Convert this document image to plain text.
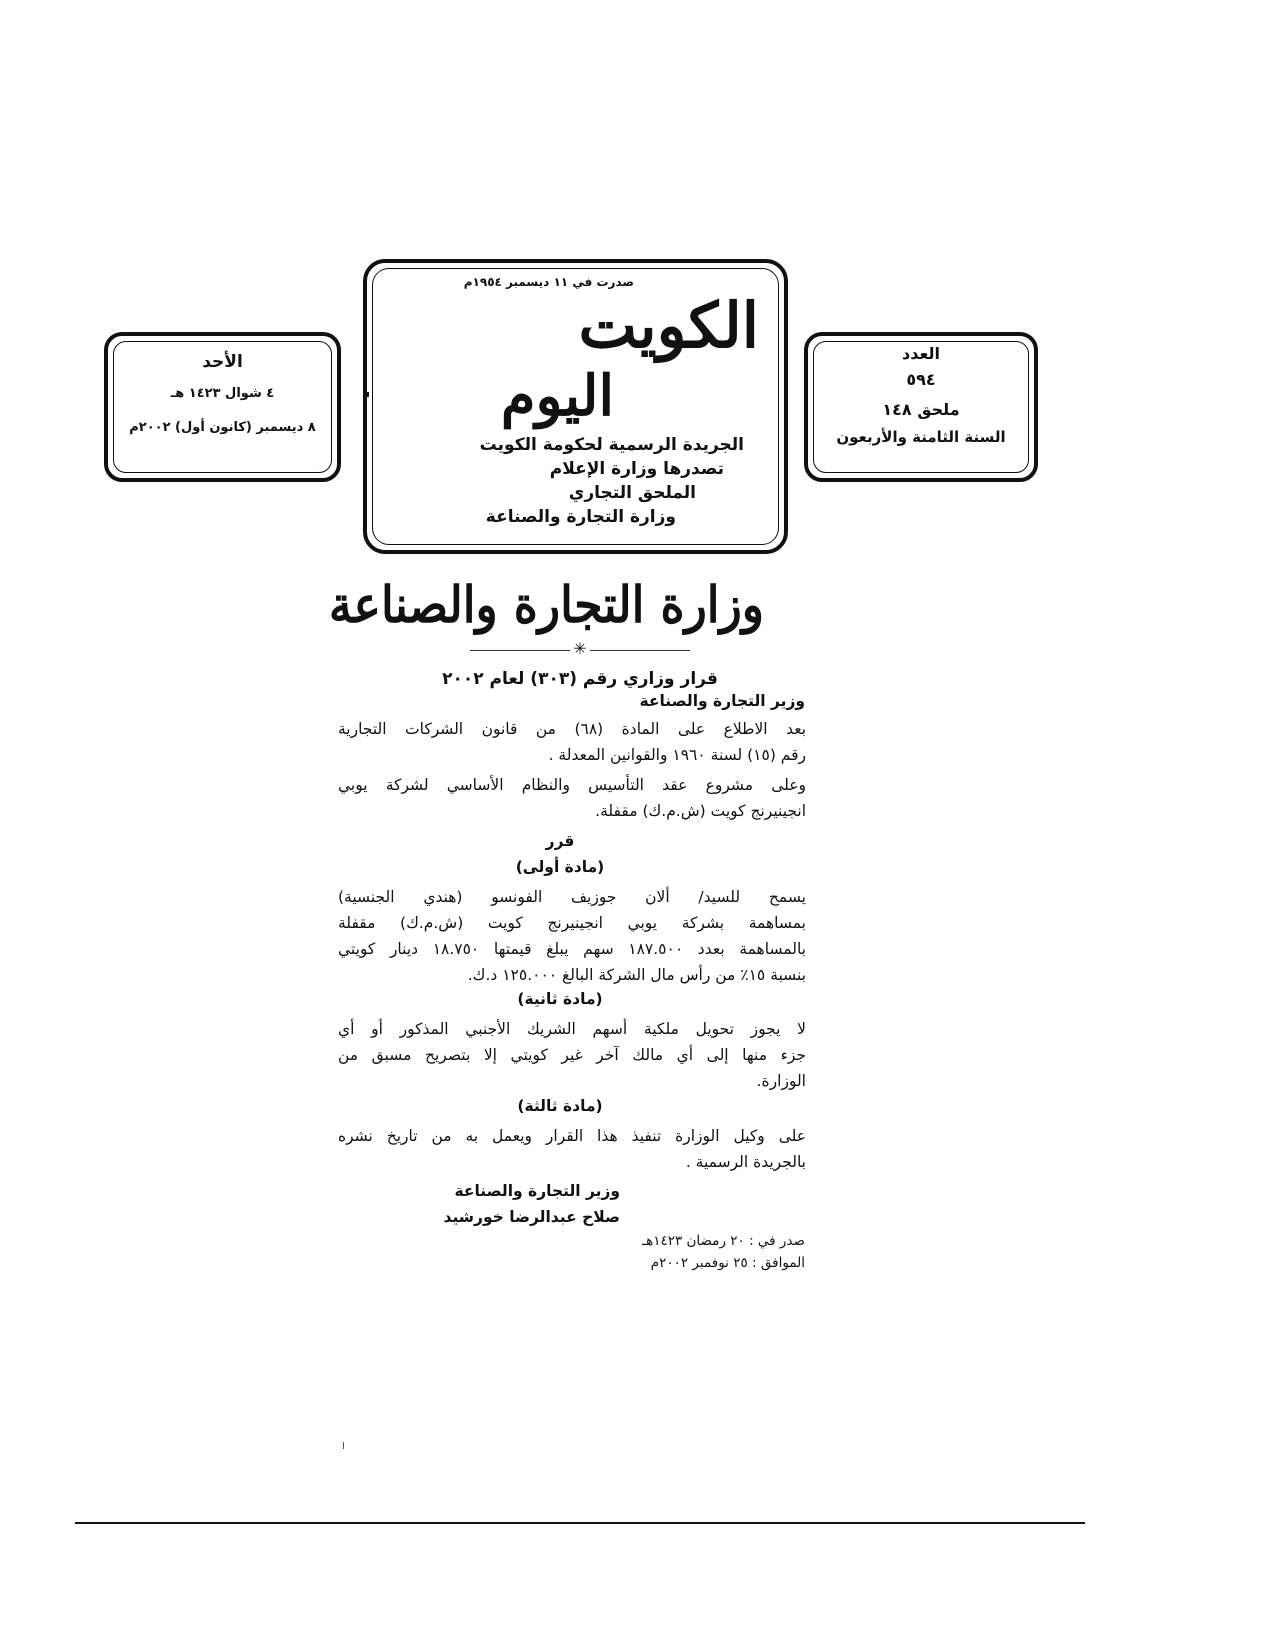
الأحد
٤ شوال ١٤٢٣ هـ
٨ ديسمبر (كانون أول) ٢٠٠٢م
العدد
٥٩٤
ملحق ١٤٨
السنة الثامنة والأربعون
صدرت في ١١ ديسمبر ١٩٥٤م
الكويت
اليوم
الجريدة الرسمية لحكومة الكويت
تصدرها وزارة الإعلام
الملحق التجاري
وزارة التجارة والصناعة
وزارة التجارة والصناعة
✳
قرار وزاري رقم (٣٠٣) لعام ٢٠٠٢
وزير التجارة والصناعة
بعد الاطلاع على المادة (٦٨) من قانون الشركات التجارية
رقم (١٥) لسنة ١٩٦٠ والقوانين المعدلة .
وعلى مشروع عقد التأسيس والنظام الأساسي لشركة يوبي
انجينيرنج كويت (ش.م.ك) مقفلة.
قرر
(مادة أولى)
يسمح للسيد/ ألان جوزيف الفونسو (هندي الجنسية)
بمساهمة بشركة يوبي انجينيرنج كويت (ش.م.ك) مقفلة
بالمساهمة بعدد ١٨٧.٥٠٠ سهم يبلغ قيمتها ١٨.٧٥٠ دينار كويتي
بنسبة ١٥٪ من رأس مال الشركة البالغ ١٢٥.٠٠٠ د.ك.
(مادة ثانية)
لا يجوز تحويل ملكية أسهم الشريك الأجنبي المذكور أو أي
جزء منها إلى أي مالك آخر غير كويتي إلا بتصريح مسبق من
الوزارة.
(مادة ثالثة)
على وكيل الوزارة تنفيذ هذا القرار ويعمل به من تاريخ نشره
بالجريدة الرسمية .
وزير التجارة والصناعة
صلاح عبدالرضا خورشيد
صدر في : ٢٠ رمضان ١٤٢٣هـ
الموافق : ٢٥ نوفمبر ٢٠٠٢م
